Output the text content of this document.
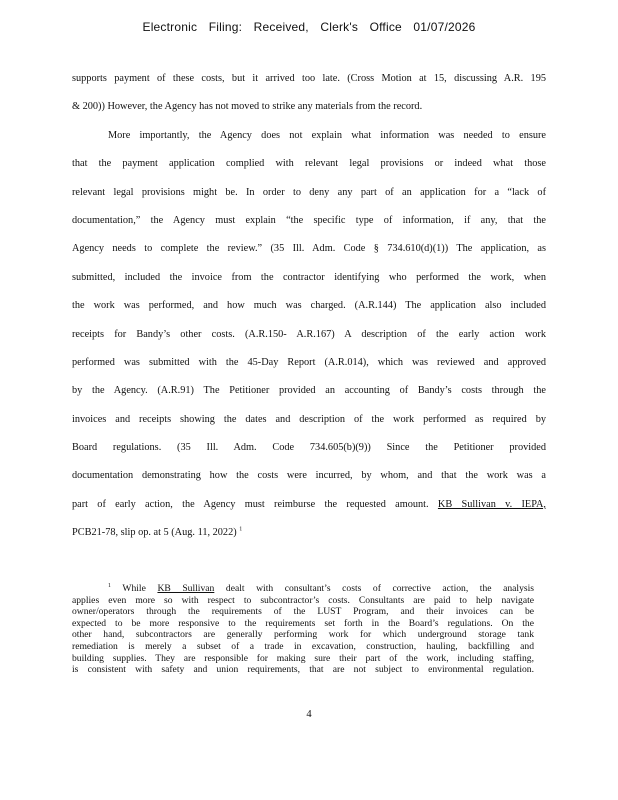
Electronic Filing: Received, Clerk's Office 01/07/2026
supports payment of these costs, but it arrived too late. (Cross Motion at 15, discussing A.R. 195
& 200)) However, the Agency has not moved to strike any materials from the record.
More importantly, the Agency does not explain what information was needed to ensure
that the payment application complied with relevant legal provisions or indeed what those
relevant legal provisions might be. In order to deny any part of an application for a “lack of
documentation,” the Agency must explain “the specific type of information, if any, that the
Agency needs to complete the review.” (35 Ill. Adm. Code § 734.610(d)(1)) The application, as
submitted, included the invoice from the contractor identifying who performed the work, when
the work was performed, and how much was charged. (A.R.144) The application also included
receipts for Bandy’s other costs. (A.R.150- A.R.167) A description of the early action work
performed was submitted with the 45-Day Report (A.R.014), which was reviewed and approved
by the Agency. (A.R.91) The Petitioner provided an accounting of Bandy’s costs through the
invoices and receipts showing the dates and description of the work performed as required by
Board regulations. (35 Ill. Adm. Code 734.605(b)(9)) Since the Petitioner provided
documentation demonstrating how the costs were incurred, by whom, and that the work was a
part of early action, the Agency must reimburse the requested amount. KB Sullivan v. IEPA,
PCB21-78, slip op. at 5 (Aug. 11, 2022) $^1$
$^1$ While KB Sullivan dealt with consultant’s costs of corrective action, the analysis
applies even more so with respect to subcontractor’s costs. Consultants are paid to help navigate
owner/operators through the requirements of the LUST Program, and their invoices can be
expected to be more responsive to the requirements set forth in the Board’s regulations. On the
other hand, subcontractors are generally performing work for which underground storage tank
remediation is merely a subset of a trade in excavation, construction, hauling, backfilling and
building supplies. They are responsible for making sure their part of the work, including staffing,
is consistent with safety and union requirements, that are not subject to environmental regulation.
4
